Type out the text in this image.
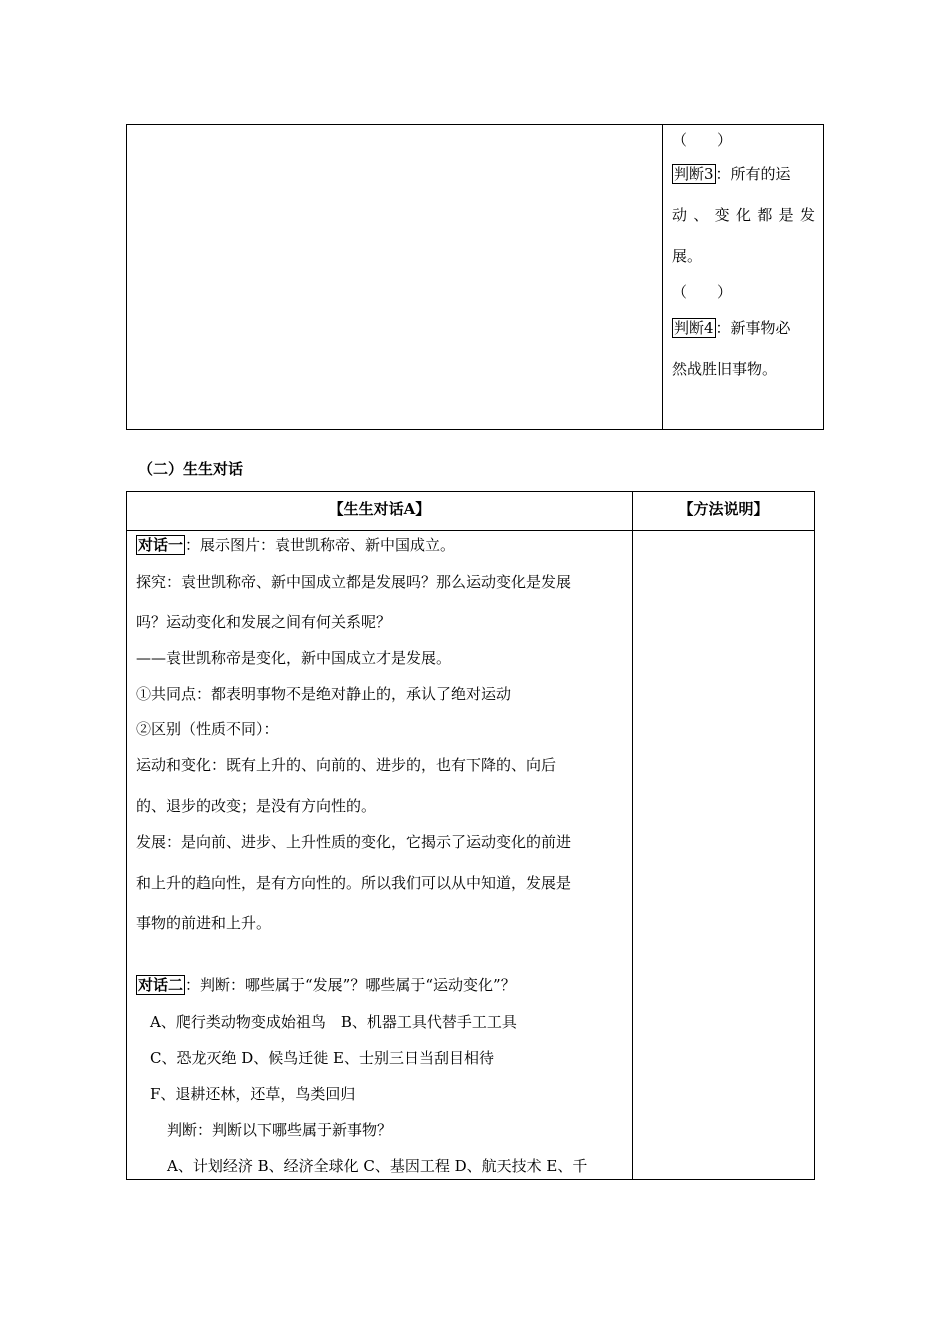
（　　）
判断3 ：所有的运
动、变化都是发
展。
（　　）
判断4 ：新事物必
然战胜旧事物。
（二）生生对话
【生生对话A】	【方法说明】
对话一 ：展示图片：袁世凯称帝、新中国成立。
探究：袁世凯称帝、新中国成立都是发展吗？那么运动变化是发展
吗？运动变化和发展之间有何关系呢？
——袁世凯称帝是变化，新中国成立才是发展。
①共同点：都表明事物不是绝对静止的，承认了绝对运动
②区别（性质不同）：
运动和变化：既有上升的、向前的、进步的，也有下降的、向后
的、退步的改变；是没有方向性的。
发展：是向前、进步、上升性质的变化，它揭示了运动变化的前进
和上升的趋向性，是有方向性的。所以我们可以从中知道，发展是
事物的前进和上升。
对话二 ：判断：哪些属于“发展”？哪些属于“运动变化”？
A、爬行类动物变成始祖鸟　B、机器工具代替手工工具
C、恐龙灭绝 D、候鸟迁徙 E、士别三日当刮目相待
F、退耕还林，还草，鸟类回归
判断：判断以下哪些属于新事物？
A、计划经济 B、经济全球化 C、基因工程 D、航天技术 E、千
